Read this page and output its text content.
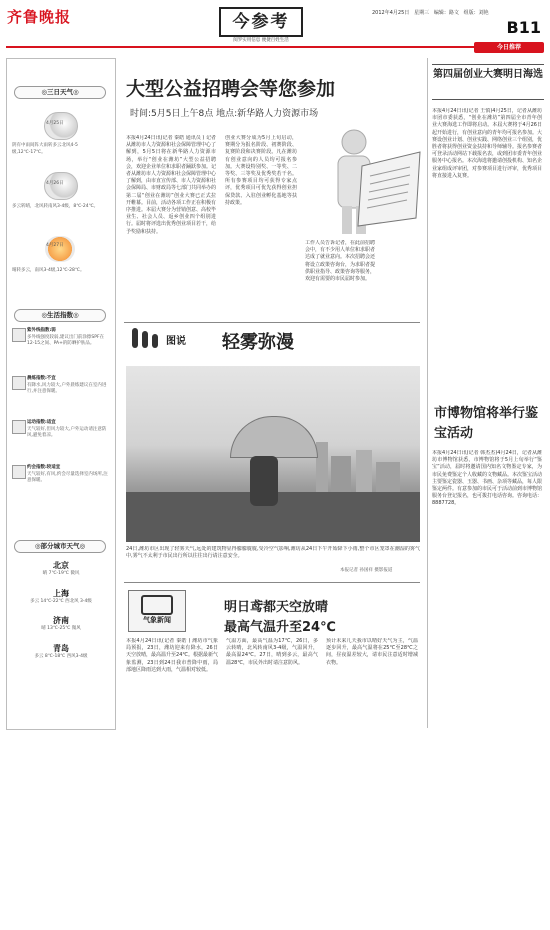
齐鲁晚报	今参考
阅罗实用信息 便捷百姓生活
2012年4月25日 星期三 编辑：路文 组版：刘艳
B11
今日推荐
◎三日天气◎
4月25日
阴有中雨间阵大雨转多云北风4-5级,12℃-17℃。
4月26日
多云转晴，北风转南风3-4级，8℃-24℃。
4月27日
晴转多云，南风3-4级,12℃-28℃。
◎生活指数◎
紫外线指数:弱
多外线强度较弱,建议出门前涂擦SPF在12-15之间、PA+的防晒护肤品。
晨练指数:不宜
有降水,风力较大,户外晨练建议在室内进行,并注意保暖。
运动指数:适宜
天气较好,但风力较大,户外运动请注意防风,避免着凉。
约会指数:较适宜
天气较好,有风,约会尽量选择室内场所,注意保暖。
◎部分城市天气◎
北京
晴 7℃-19℃ 微风
上海
多云 14℃-22℃ 西北风 3-4级
济南
晴 13℃-25℃ 微风
青岛
多云 8℃-18℃ 西风3-4级
大型公益招聘会等您参加
时间:5月5日上午8点 地点:新华路人力资源市场
本报4月24日讯(记者 秦皓 通讯员 ) 记者从潍坊市人力资源和社会保障管理中心了解到，5月5日将在新华路人力资源市场，举行“创业在潍坊”大型公益招聘会，欢迎企业单位和求职者踊跃参加。记者从潍坊市人力资源和社会保障管理中心了解到，由市直宣传部、市人力资源和社会保障局、市财政局等七部门共同举办的第二届“创业在潍坊”创业大赛已正式拉开帷幕。目前，活动各项工作正在积极有序推进。本届大赛分为营销创意、高校毕业生、社会人员、返乡创业四个组别进行。届时将评选出优秀创业项目若干，给予奖励和扶持。
创业大赛分成为5月上旬启动，赛期分为报名阶段、初赛阶段、复赛阶段和决赛阶段。凡在潍坊有创业意向的人员均可报名参加。大赛设特别奖、一等奖、二等奖、三等奖及优秀奖若干名。所有参赛项目均可获得专家点评，优秀项目可优先获得创业担保贷款、入驻创业孵化基地等扶持政策。
工作人员告诉记者，在此前招聘会中，有不少用人单位和求职者达成了就业意向。本次招聘会还将设立政策咨询台，为求职者提供职业指导、政策咨询等服务，欢迎有需要的市民届时参加。
图说 轻雾弥漫
24日,潍坊市区出现了轻雾天气,远处的建筑物显得朦朦胧胧,受冷空气影响,潍坊从24日下午开始降下小雨,整个市区笼罩在潮湿的雾气中,雾气不太利于市民出行所以往往出行请注意安全。
本报记者 孙国祥 摄影报道
气象新闻
明日鸢都天空放晴
最高气温升至24℃
本报4月24日讯(记者 秦皓 ) 潍坊市气象局预报，23日，潍坊迎来有降水，26日天空放晴，最高温升至24℃。根据最新气象监测，23日到24日我市普降中雨，局部地区降雨达到大雨，气温相对较低。
气温方面，最高气温为17℃，26日，多云转晴，北风转南风3-4级，气温回升，最高温24℃。27日，晴到多云，最高气温28℃，市民外出时请注意防风。
预计未来几天我市以晴好天气为主，气温逐步回升，最高气温将在25℃至28℃之间，昼夜温差较大，请市民注意适时增减衣物。
第四届创业大赛明日海选
本报4月24日讯(记者 王慎)4月25日，记者从潍坊市团市委获悉，“创业在潍坊”第四届全市青年创业大赛海选工作即将启动。本届大赛将于4月26日起开始进行，有创业意向的青年均可报名参加。大赛设创业计划、创业实践、网络创业三个组别，优胜者将获得创业资金扶持和导师辅导。报名参赛者可登录活动网站下载报名表，或到团市委青年创业服务中心报名。本次海选将邀请创投机构、知名企业家组成评审团，对参赛项目进行评审，优秀项目将直接进入复赛。
市博物馆将举行鉴宝活动
本报4月24日讯(记者 韩杰杰)4月24日，记者从潍坊市博物馆获悉，市博物馆将于5月上旬举行“鉴宝”活动，届时将邀请国内知名文物鉴定专家，为市民免费鉴定个人收藏的文物藏品。本次鉴宝活动主要鉴定瓷器、玉器、书画、杂项等藏品，每人限鉴定两件。有意参加的市民可于活动前到市博物馆服务台登记报名，也可拨打电话咨询。咨询电话：8887728。
